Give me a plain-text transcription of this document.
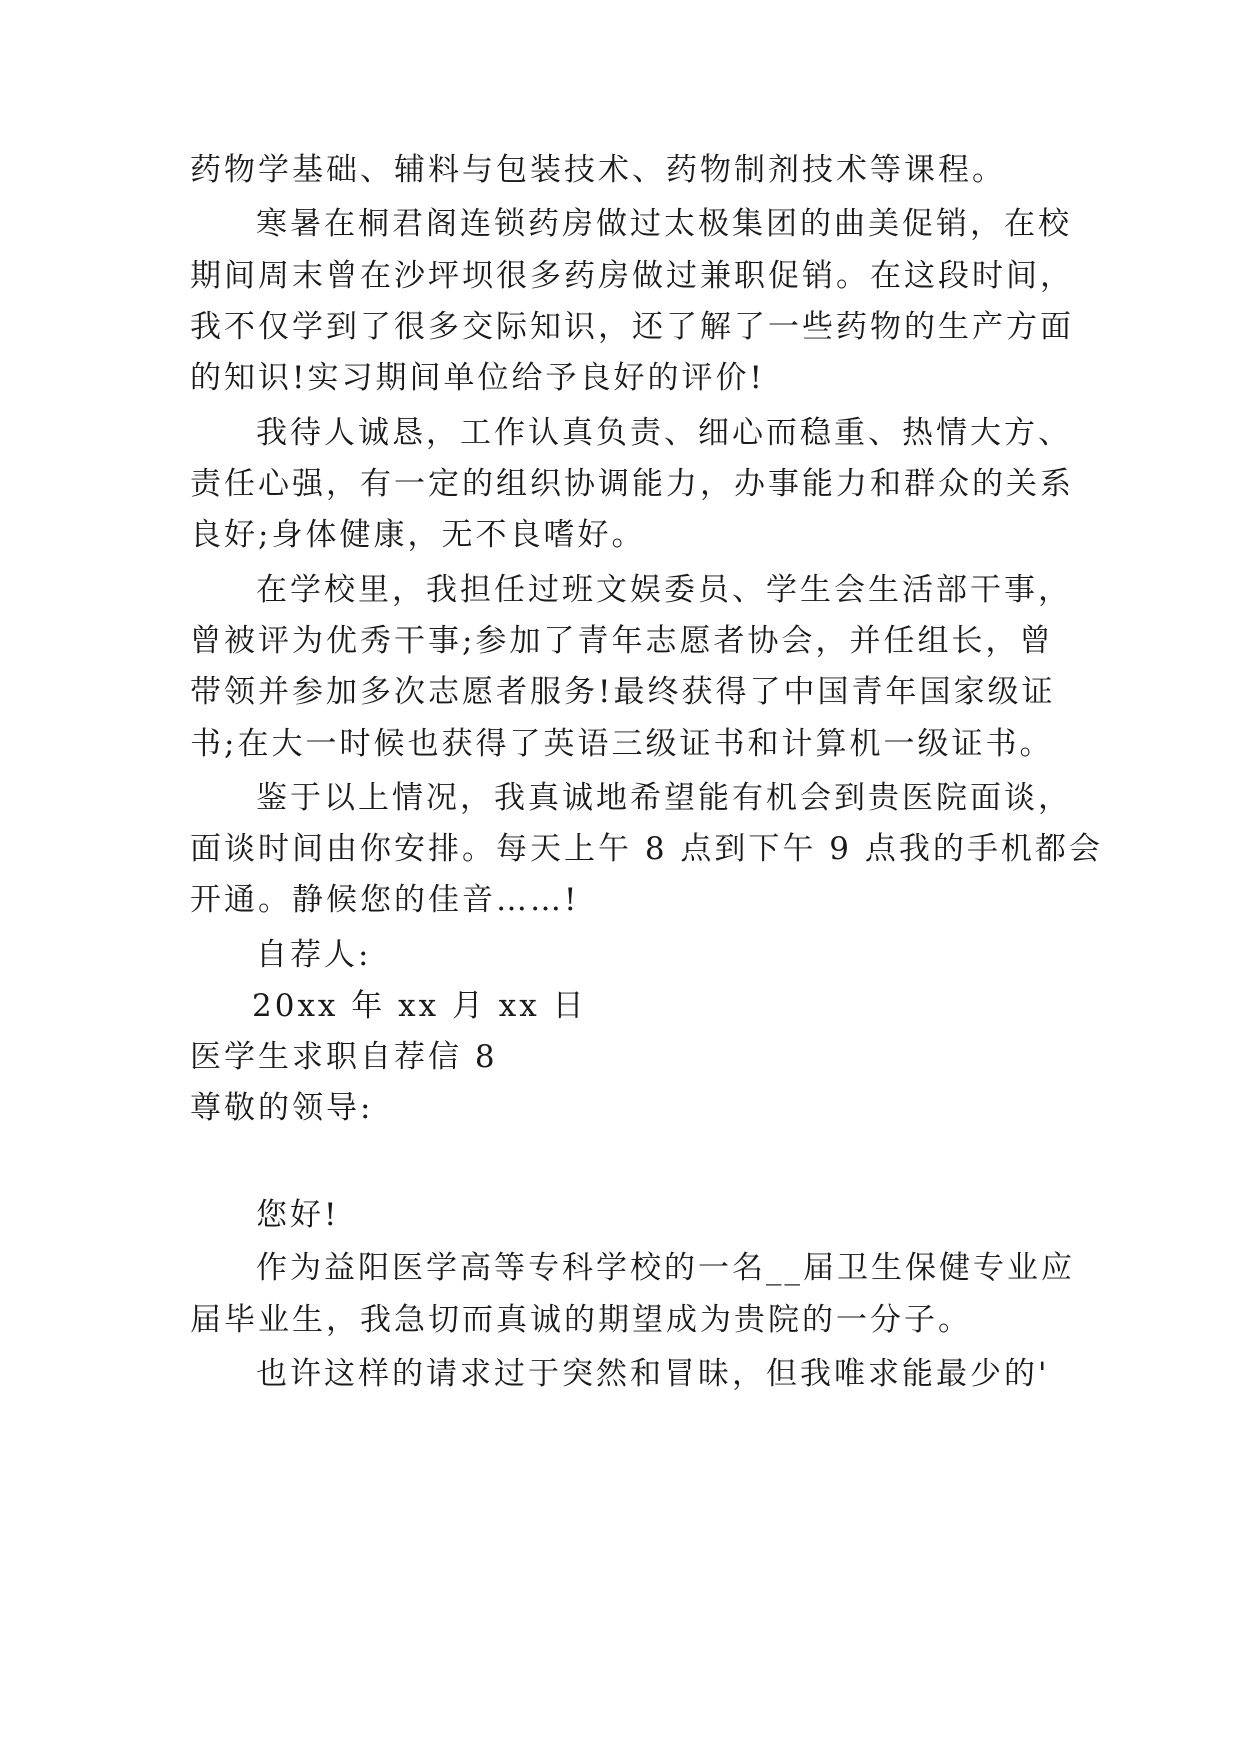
药物学基础、辅料与包装技术、药物制剂技术等课程。
寒暑在桐君阁连锁药房做过太极集团的曲美促销，在校
期间周末曾在沙坪坝很多药房做过兼职促销。在这段时间，
我不仅学到了很多交际知识，还了解了一些药物的生产方面
的知识!实习期间单位给予良好的评价!
我待人诚恳，工作认真负责、细心而稳重、热情大方、
责任心强，有一定的组织协调能力，办事能力和群众的关系
良好;身体健康，无不良嗜好。
在学校里，我担任过班文娱委员、学生会生活部干事，
曾被评为优秀干事;参加了青年志愿者协会，并任组长，曾
带领并参加多次志愿者服务!最终获得了中国青年国家级证
书;在大一时候也获得了英语三级证书和计算机一级证书。
鉴于以上情况，我真诚地希望能有机会到贵医院面谈，
面谈时间由你安排。每天上午 8 点到下午 9 点我的手机都会
开通。静候您的佳音……!
自荐人:
20xx 年 xx 月 xx 日
医学生求职自荐信 8
尊敬的领导:
您好!
作为益阳医学高等专科学校的一名__届卫生保健专业应
届毕业生，我急切而真诚的期望成为贵院的一分子。
也许这样的请求过于突然和冒昧，但我唯求能最少的'
